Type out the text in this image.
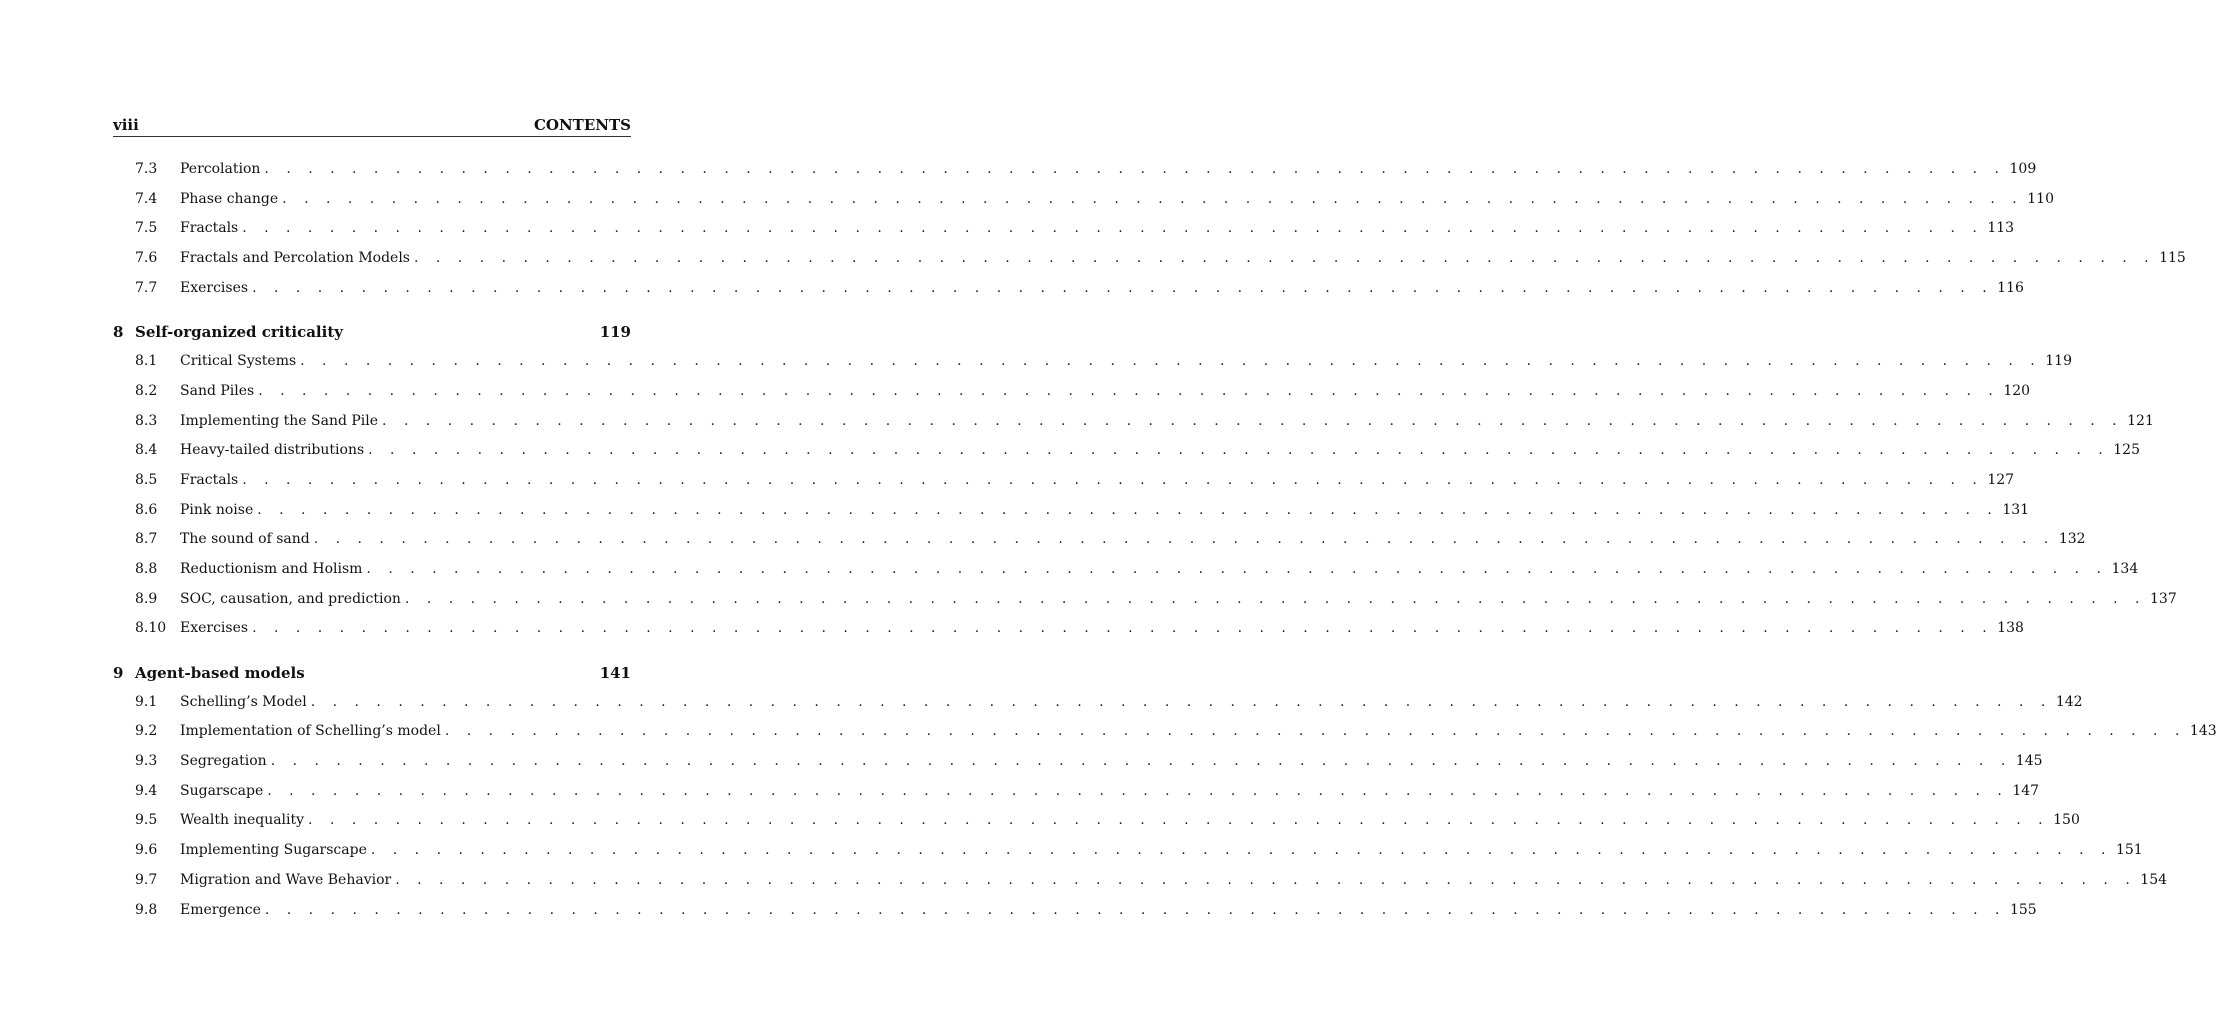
viii	CONTENTS
7.3	Percolation . . . . . . . . . . . . . . . . . . . . . . . . . . . . . . . . . . . . . . . . . . . . . . . . . . . . . . . . . . . . . . . . . . . . . . . . . . . . . . . . 109
7.4	Phase change . . . . . . . . . . . . . . . . . . . . . . . . . . . . . . . . . . . . . . . . . . . . . . . . . . . . . . . . . . . . . . . . . . . . . . . . . . . . . . . . 110
7.5	Fractals . . . . . . . . . . . . . . . . . . . . . . . . . . . . . . . . . . . . . . . . . . . . . . . . . . . . . . . . . . . . . . . . . . . . . . . . . . . . . . . . 113
7.6	Fractals and Percolation Models . . . . . . . . . . . . . . . . . . . . . . . . . . . . . . . . . . . . . . . . . . . . . . . . . . . . . . . . . . . . . . . . . . . . . . . . . . . . . . . . 115
7.7	Exercises . . . . . . . . . . . . . . . . . . . . . . . . . . . . . . . . . . . . . . . . . . . . . . . . . . . . . . . . . . . . . . . . . . . . . . . . . . . . . . . . 116
8 Self-organized criticality	119
8.1	Critical Systems . . . . . . . . . . . . . . . . . . . . . . . . . . . . . . . . . . . . . . . . . . . . . . . . . . . . . . . . . . . . . . . . . . . . . . . . . . . . . . . . 119
8.2	Sand Piles . . . . . . . . . . . . . . . . . . . . . . . . . . . . . . . . . . . . . . . . . . . . . . . . . . . . . . . . . . . . . . . . . . . . . . . . . . . . . . . . 120
8.3	Implementing the Sand Pile . . . . . . . . . . . . . . . . . . . . . . . . . . . . . . . . . . . . . . . . . . . . . . . . . . . . . . . . . . . . . . . . . . . . . . . . . . . . . . . . 121
8.4	Heavy-tailed distributions . . . . . . . . . . . . . . . . . . . . . . . . . . . . . . . . . . . . . . . . . . . . . . . . . . . . . . . . . . . . . . . . . . . . . . . . . . . . . . . . 125
8.5	Fractals . . . . . . . . . . . . . . . . . . . . . . . . . . . . . . . . . . . . . . . . . . . . . . . . . . . . . . . . . . . . . . . . . . . . . . . . . . . . . . . . 127
8.6	Pink noise . . . . . . . . . . . . . . . . . . . . . . . . . . . . . . . . . . . . . . . . . . . . . . . . . . . . . . . . . . . . . . . . . . . . . . . . . . . . . . . . 131
8.7	The sound of sand . . . . . . . . . . . . . . . . . . . . . . . . . . . . . . . . . . . . . . . . . . . . . . . . . . . . . . . . . . . . . . . . . . . . . . . . . . . . . . . . 132
8.8	Reductionism and Holism . . . . . . . . . . . . . . . . . . . . . . . . . . . . . . . . . . . . . . . . . . . . . . . . . . . . . . . . . . . . . . . . . . . . . . . . . . . . . . . . 134
8.9	SOC, causation, and prediction . . . . . . . . . . . . . . . . . . . . . . . . . . . . . . . . . . . . . . . . . . . . . . . . . . . . . . . . . . . . . . . . . . . . . . . . . . . . . . . . 137
8.10 Exercises . . . . . . . . . . . . . . . . . . . . . . . . . . . . . . . . . . . . . . . . . . . . . . . . . . . . . . . . . . . . . . . . . . . . . . . . . . . . . . . . 138
9 Agent-based models	141
9.1	Schelling’s Model . . . . . . . . . . . . . . . . . . . . . . . . . . . . . . . . . . . . . . . . . . . . . . . . . . . . . . . . . . . . . . . . . . . . . . . . . . . . . . . . 142
9.2	Implementation of Schelling’s model . . . . . . . . . . . . . . . . . . . . . . . . . . . . . . . . . . . . . . . . . . . . . . . . . . . . . . . . . . . . . . . . . . . . . . . . . . . . . . . . 143
9.3	Segregation . . . . . . . . . . . . . . . . . . . . . . . . . . . . . . . . . . . . . . . . . . . . . . . . . . . . . . . . . . . . . . . . . . . . . . . . . . . . . . . . 145
9.4	Sugarscape . . . . . . . . . . . . . . . . . . . . . . . . . . . . . . . . . . . . . . . . . . . . . . . . . . . . . . . . . . . . . . . . . . . . . . . . . . . . . . . . 147
9.5	Wealth inequality . . . . . . . . . . . . . . . . . . . . . . . . . . . . . . . . . . . . . . . . . . . . . . . . . . . . . . . . . . . . . . . . . . . . . . . . . . . . . . . . 150
9.6	Implementing Sugarscape . . . . . . . . . . . . . . . . . . . . . . . . . . . . . . . . . . . . . . . . . . . . . . . . . . . . . . . . . . . . . . . . . . . . . . . . . . . . . . . . 151
9.7	Migration and Wave Behavior . . . . . . . . . . . . . . . . . . . . . . . . . . . . . . . . . . . . . . . . . . . . . . . . . . . . . . . . . . . . . . . . . . . . . . . . . . . . . . . . 154
9.8	Emergence . . . . . . . . . . . . . . . . . . . . . . . . . . . . . . . . . . . . . . . . . . . . . . . . . . . . . . . . . . . . . . . . . . . . . . . . . . . . . . . . 155
